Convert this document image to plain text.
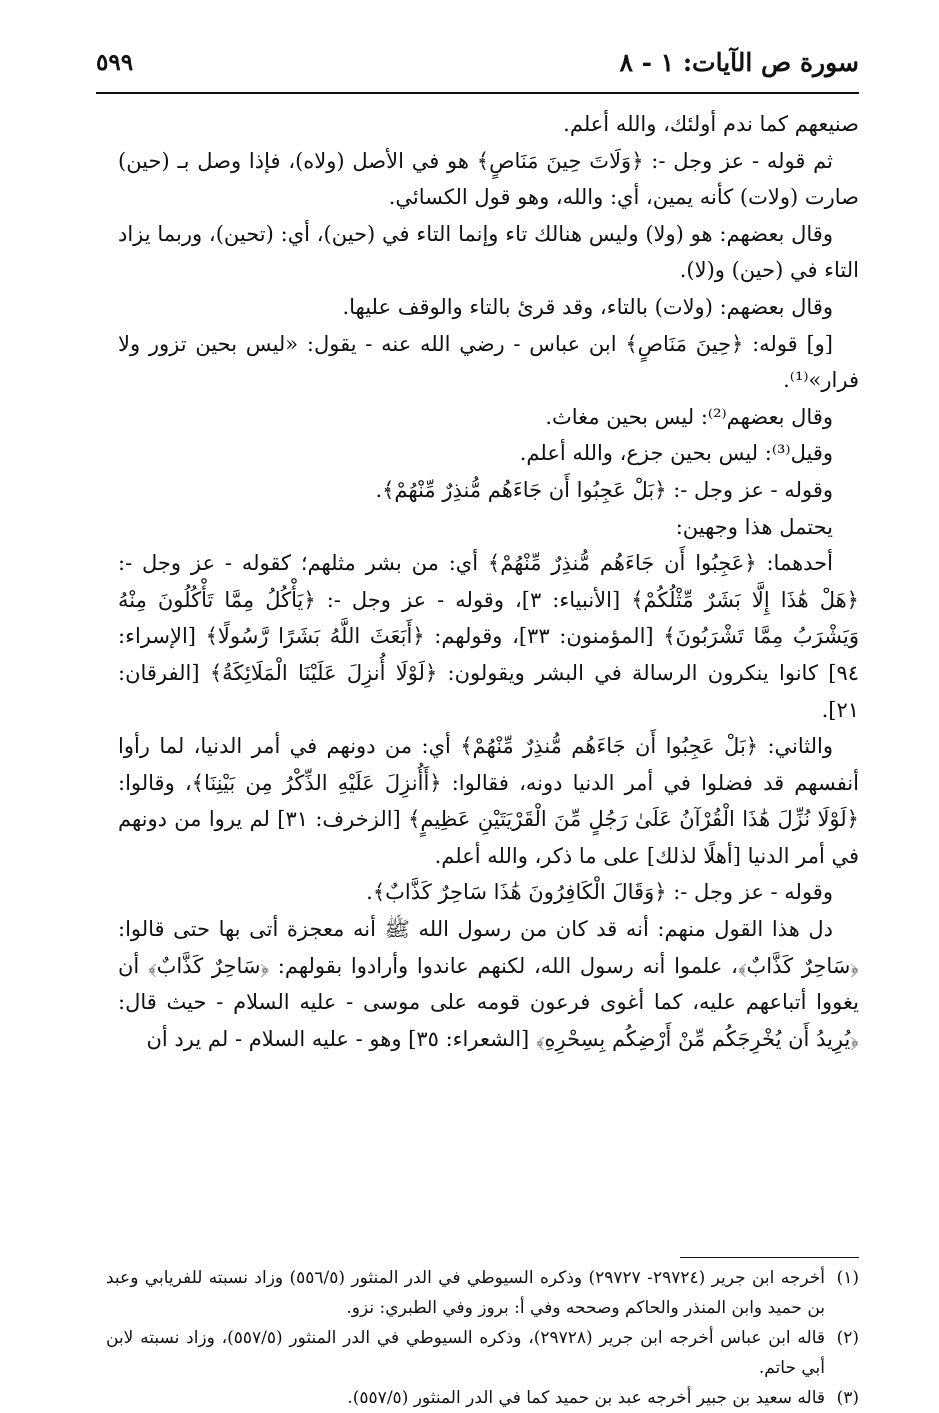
سورة ص الآيات: ١ - ٨
٥٩٩

صنيعهم كما ندم أولئك، والله أعلم.

ثم قوله - عز وجل -: ﴿وَلَاتَ حِينَ مَنَاصٍ﴾ هو في الأصل (ولاه)، فإذا وصل بـ (حين) صارت (ولات) كأنه يمين، أي: والله، وهو قول الكسائي.

وقال بعضهم: هو (ولا) وليس هنالك تاء وإنما التاء في (حين)، أي: (تحين)، وربما يزاد التاء في (حين) و(لا).

وقال بعضهم: (ولات) بالتاء، وقد قرئ بالتاء والوقف عليها.

[و] قوله: ﴿حِينَ مَنَاصٍ﴾ ابن عباس - رضي الله عنه - يقول: «ليس بحين تزور ولا فرار»⁽¹⁾.

وقال بعضهم⁽²⁾: ليس بحين مغاث.

وقيل⁽³⁾: ليس بحين جزع، والله أعلم.

وقوله - عز وجل -: ﴿بَلْ عَجِبُوا أَن جَاءَهُم مُّنذِرٌ مِّنْهُمْ﴾.

يحتمل هذا وجهين:

أحدهما: ﴿عَجِبُوا أَن جَاءَهُم مُّنذِرٌ مِّنْهُمْ﴾ أي: من بشر مثلهم؛ كقوله - عز وجل -: ﴿هَلْ هَٰذَا إِلَّا بَشَرٌ مِّثْلُكُمْ﴾ [الأنبياء: ٣]، وقوله - عز وجل -: ﴿يَأْكُلُ مِمَّا تَأْكُلُونَ مِنْهُ وَيَشْرَبُ مِمَّا تَشْرَبُونَ﴾ [المؤمنون: ٣٣]، وقولهم: ﴿أَبَعَثَ اللَّهُ بَشَرًا رَّسُولًا﴾ [الإسراء: ٩٤] كانوا ينكرون الرسالة في البشر ويقولون: ﴿لَوْلَا أُنزِلَ عَلَيْنَا الْمَلَائِكَةُ﴾ [الفرقان: ٢١].

والثاني: ﴿بَلْ عَجِبُوا أَن جَاءَهُم مُّنذِرٌ مِّنْهُمْ﴾ أي: من دونهم في أمر الدنيا، لما رأوا أنفسهم قد فضلوا في أمر الدنيا دونه، فقالوا: ﴿أَأُنزِلَ عَلَيْهِ الذِّكْرُ مِن بَيْنِنَا﴾، وقالوا: ﴿لَوْلَا نُزِّلَ هَٰذَا الْقُرْآنُ عَلَىٰ رَجُلٍ مِّنَ الْقَرْيَتَيْنِ عَظِيمٍ﴾ [الزخرف: ٣١] لم يروا من دونهم في أمر الدنيا [أهلًا لذلك] على ما ذكر، والله أعلم.

وقوله - عز وجل -: ﴿وَقَالَ الْكَافِرُونَ هَٰذَا سَاحِرٌ كَذَّابٌ﴾.

دل هذا القول منهم: أنه قد كان من رسول الله ﷺ أنه معجزة أتى بها حتى قالوا: ﴿سَاحِرٌ كَذَّابٌ﴾، علموا أنه رسول الله، لكنهم عاندوا وأرادوا بقولهم: ﴿سَاحِرٌ كَذَّابٌ﴾ أن يغووا أتباعهم عليه، كما أغوى فرعون قومه على موسى - عليه السلام - حيث قال: ﴿يُرِيدُ أَن يُخْرِجَكُم مِّنْ أَرْضِكُم بِسِحْرِهِ﴾ [الشعراء: ٣٥] وهو - عليه السلام - لم يرد أن

(١)
أخرجه ابن جرير (٢٩٧٢٤- ٢٩٧٢٧) وذكره السيوطي في الدر المنثور (٥٥٦/٥) وزاد نسبته للفريابي وعبد بن حميد وابن المنذر والحاكم وصححه وفي أ: بروز وفي الطبري: نزو.
(٢)
قاله ابن عباس أخرجه ابن جرير (٢٩٧٢٨)، وذكره السيوطي في الدر المنثور (٥٥٧/٥)، وزاد نسبته لابن أبي حاتم.
(٣)
قاله سعيد بن جبير أخرجه عبد بن حميد كما في الدر المنثور (٥٥٧/٥).
